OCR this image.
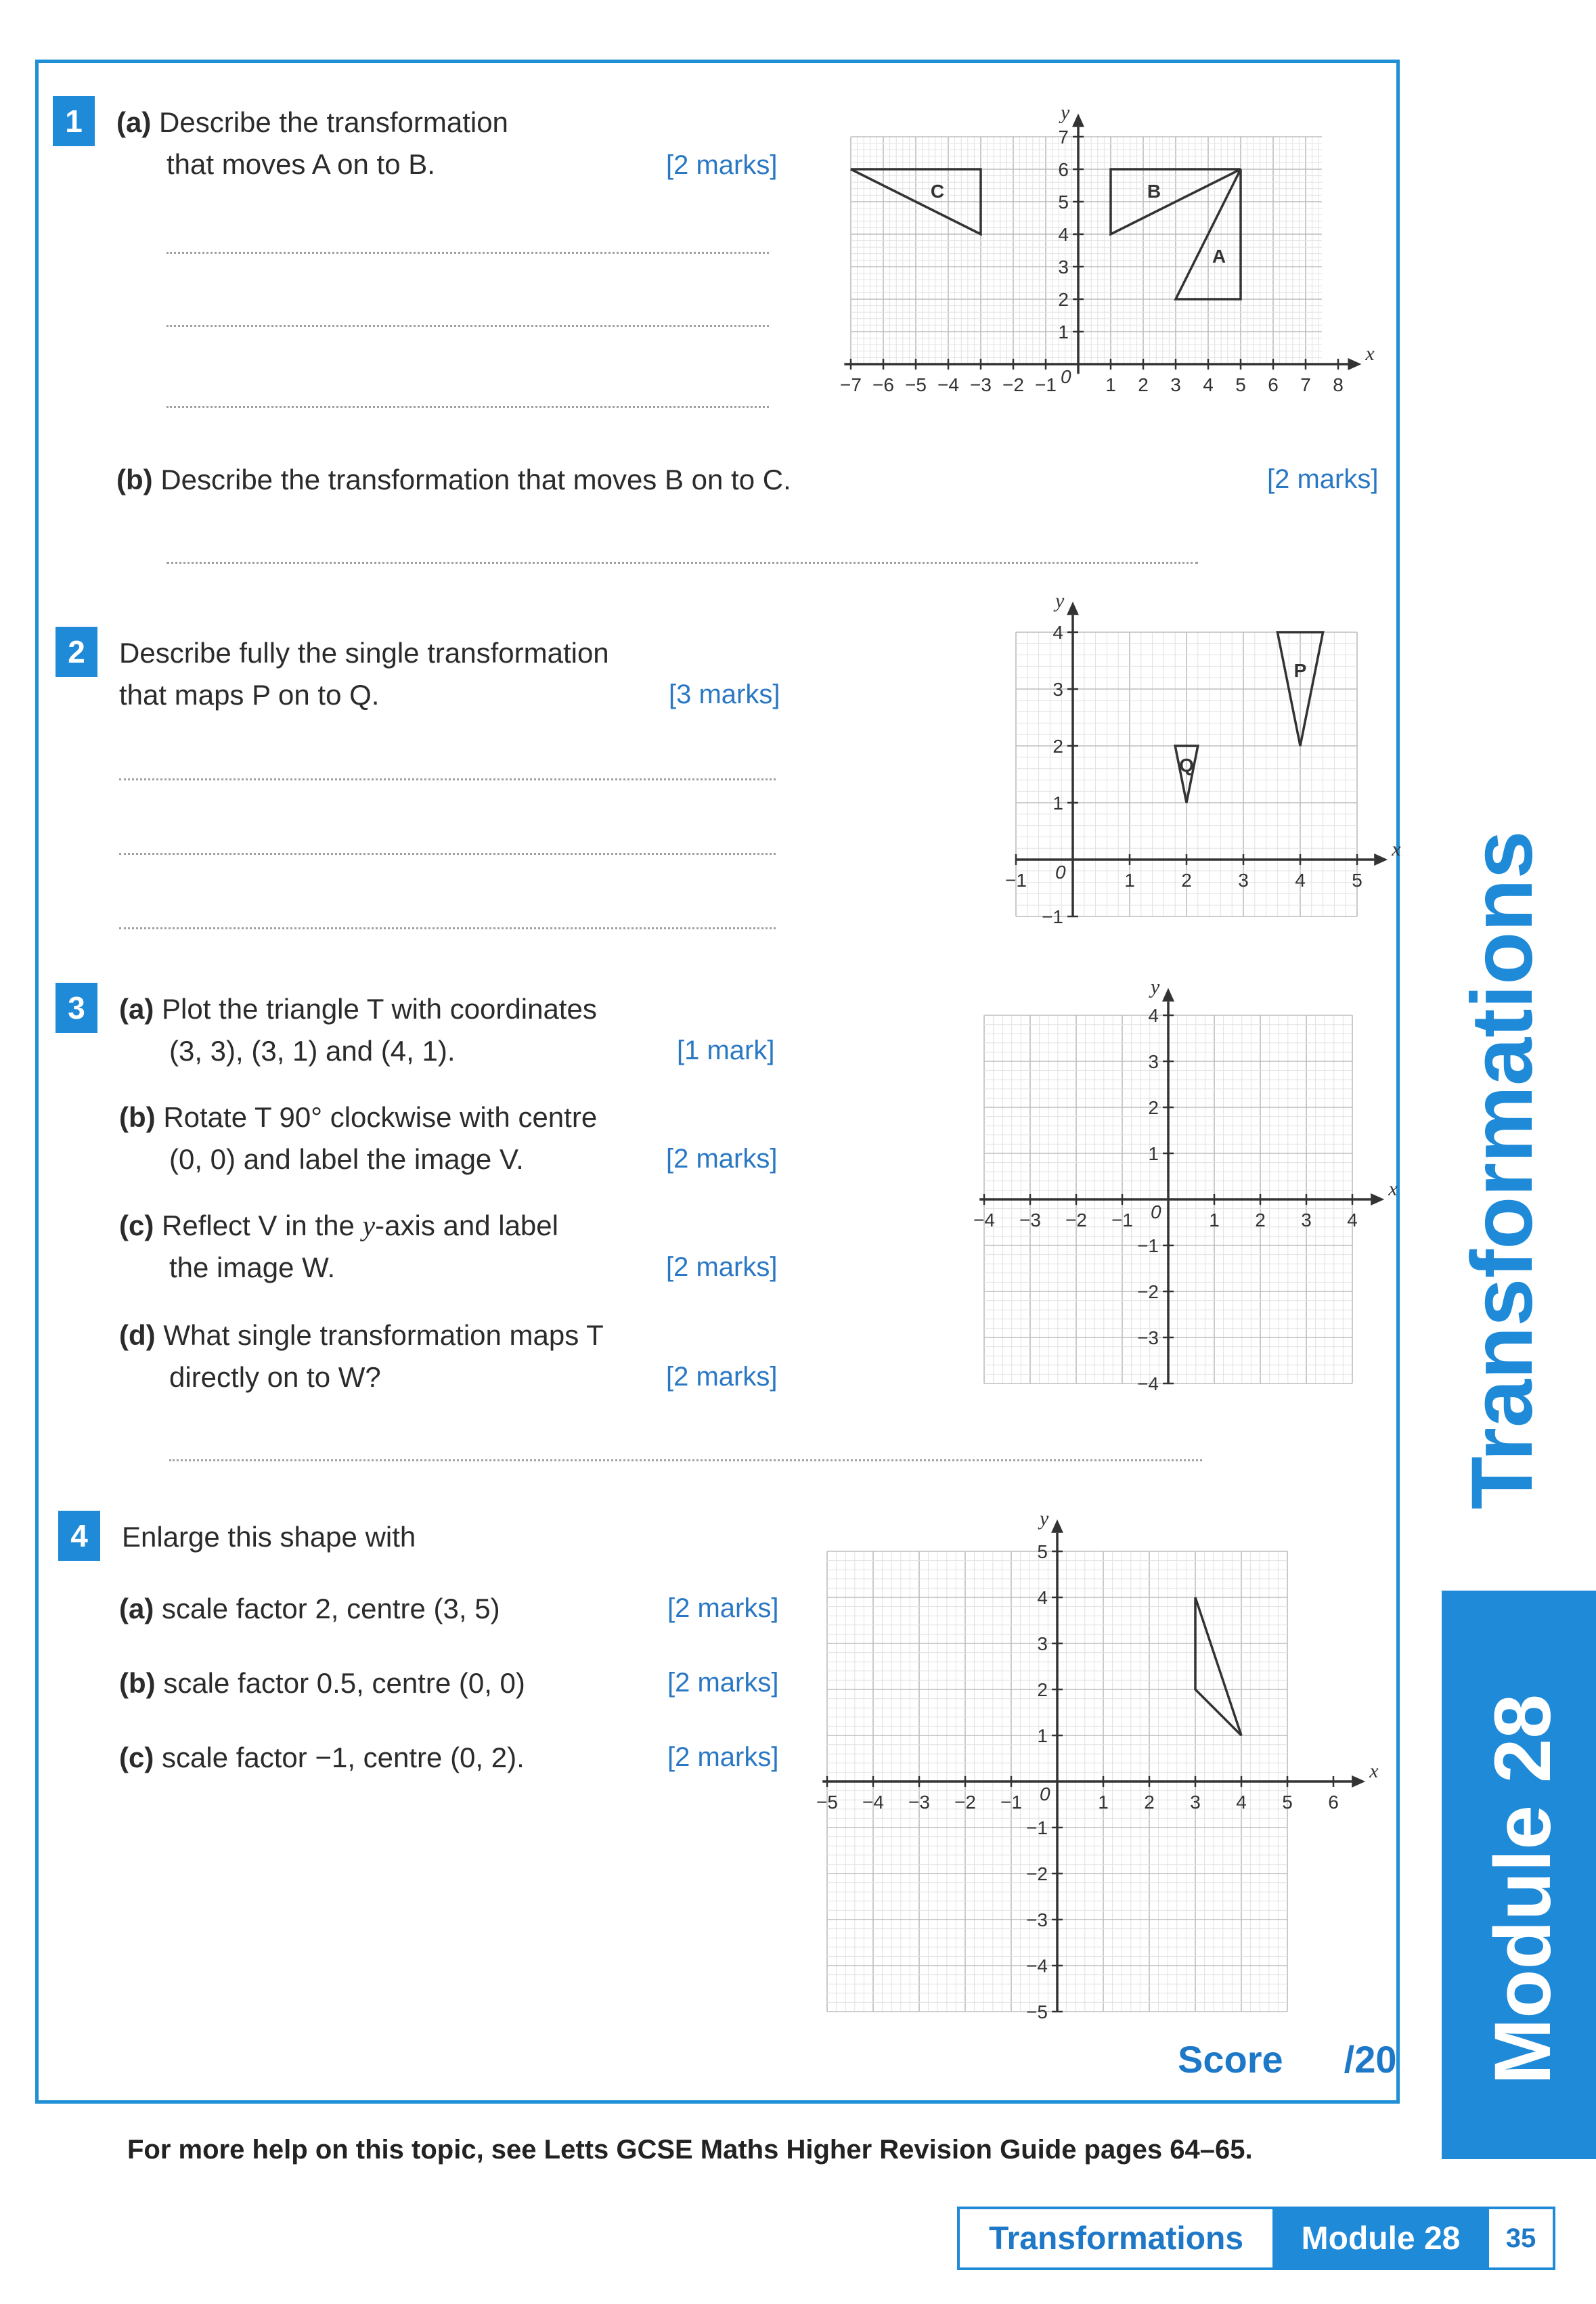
1	(a) Describe the transformation
that moves A on to B.	[2 marks]
x
y
0
−7 −6 −5 −4 −3 −2 −1	1 2 3 4 5 6 7 8
1
2
3
4
5
6
7
A
B
C
(b) Describe the transformation that moves B on to C.	[2 marks]
2	Describe fully the single transformation
that maps P on to Q.	[3 marks]
x
y
0
−1	1 2 3 4 5
−1
1
2
3
4
P
Q
3	(a) Plot the triangle T with coordinates
(3, 3), (3, 1) and (4, 1).	[1 mark]
(b) Rotate T 90° clockwise with centre
(0, 0) and label the image V.	[2 marks]
(c) Reflect V in the y-axis and label
the image W.	[2 marks]
(d) What single transformation maps T
directly on to W?	[2 marks]
x
y
0
−4 −3 −2 −1	1 2 3 4
−4
−3
−2
−1
1
2
3
4
4	Enlarge this shape with
(a) scale factor 2, centre (3, 5)	[2 marks]
(b) scale factor 0.5, centre (0, 0)	[2 marks]
(c) scale factor −1, centre (0, 2).	[2 marks]	x
y
0
−5 −4 −3 −2 −1	1 2 3 4 5 6
−5
−4
−3
−2
−1
1
2
3
4
5
Score /20
For more help on this topic, see Letts GCSE Maths Higher Revision Guide pages 64–65.
Transformations
Module 28
Transformations	Module 28	35
